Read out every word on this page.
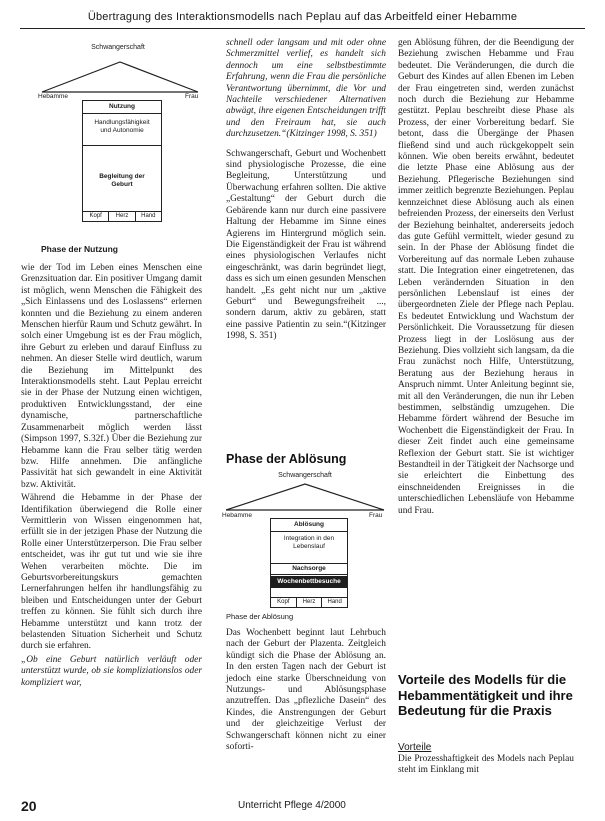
Übertragung des Interaktionsmodells nach Peplau auf das Arbeitfeld einer Hebamme
Schwangerschaft
Hebamme	Frau
Nutzung
Handlungsfähigkeit und Autonomie
Begleitung der Geburt
Kopf	Herz	Hand
Phase der Nutzung

wie der Tod im Leben eines Menschen eine Grenzsituation dar. Ein positiver Umgang damit ist möglich, wenn Menschen die Fähigkeit des „Sich Einlassens und des Loslassens“ erlernen konnten und die Beziehung zu einem anderen Menschen hierfür Raum und Schutz gewährt. In solch einer Umgebung ist es der Frau möglich, ihre Geburt zu erleben und darauf Einfluss zu nehmen. An dieser Stelle wird deutlich, warum die Beziehung im Mittelpunkt des Interaktionsmodells steht. Laut Peplau erreicht sie in der Phase der Nutzung einen wichtigen, produktiven Entwicklungsstand, der eine dynamische, partnerschaftliche Zusammenarbeit möglich werden lässt (Simpson 1997, S.32f.) Über die Beziehung zur Hebamme kann die Frau selber tätig werden bzw. Hilfe annehmen. Die anfängliche Passivität hat sich gewandelt in eine Aktivität bzw. Aktivität.

Während die Hebamme in der Phase der Identifikation überwiegend die Rolle einer Vermittlerin von Wissen eingenommen hat, erfüllt sie in der jetzigen Phase der Nutzung die Rolle einer Unterstützerperson. Die Frau selber entscheidet, was ihr gut tut und wie sie ihre Wehen verarbeiten möchte. Die im Geburtsvorbereitungskurs gemachten Lernerfahrungen helfen ihr handlungsfähig zu bleiben und Entscheidungen unter der Geburt treffen zu können. Sie fühlt sich durch ihre Hebamme unterstützt und kann trotz der belastenden Situation Sicherheit und Schutz durch sie erfahren.

„Ob eine Geburt natürlich verläuft oder unterstützt wurde, ob sie kompliziationslos oder kompliziert war,

schnell oder langsam und mit oder ohne Schmerzmittel verlief, es handelt sich dennoch um eine selbstbestimmte Erfahrung, wenn die Frau die persönliche Verantwortung übernimmt, die Vor und Nachteile verschiedener Alternativen abwägt, ihre eigenen Entscheidungen trifft und den Freiraum hat, sie auch durchzusetzen.“(Kitzinger 1998, S. 351)

Schwangerschaft, Geburt und Wochenbett sind physiologische Prozesse, die eine Begleitung, Unterstützung und Überwachung erfahren sollten. Die aktive „Gestaltung“ der Geburt durch die Gebärende kann nur durch eine passivere Haltung der Hebamme im Sinne eines Agierens im Hintergrund möglich sein. Die Eigenständigkeit der Frau ist während eines physiologischen Verlaufes nicht eingeschränkt, was darin begründet liegt, dass es sich um einen gesunden Menschen handelt. „Es geht nicht nur um „aktive Geburt“ und Bewegungsfreiheit ..., sondern darum, aktiv zu gebären, statt eine passive Patientin zu sein.“(Kitzinger 1998, S. 351)

Phase der Ablösung
Schwangerschaft
Hebamme	Frau
Ablösung
Integration in den Lebenslauf
Nachsorge
Wochenbettbesuche
Kopf	Herz	Hand
Phase der Ablösung

Das Wochenbett beginnt laut Lehrbuch nach der Geburt der Plazenta. Zeitgleich kündigt sich die Phase der Ablösung an. In den ersten Tagen nach der Geburt ist jedoch eine starke Überschneidung von Nutzungs- und Ablösungsphase anzutreffen. Das „pflezliche Dasein“ des Kindes, die Anstrengungen der Geburt und der gleichzeitige Verlust der Schwangerschaft können nicht zu einer soforti-

gen Ablösung führen, der die Beendigung der Beziehung zwischen Hebamme und Frau bedeutet. Die Veränderungen, die durch die Geburt des Kindes auf allen Ebenen im Leben der Frau eingetreten sind, werden zunächst noch durch die Beziehung zur Hebamme gestützt. Peplau beschreibt diese Phase als Prozess, der einer Vorbereitung bedarf. Sie betont, dass die Übergänge der Phasen fließend sind und auch rückgekoppelt sein können. Wie oben bereits erwähnt, bedeutet die letzte Phase eine Ablösung aus der Beziehung. Pflegerische Beziehungen sind immer zeitlich begrenzte Beziehungen. Peplau kennzeichnet diese Ablösung auch als einen befreienden Prozess, der einerseits den Verlust der Beziehung beinhaltet, andererseits jedoch das gute Gefühl vermittelt, wieder gesund zu sein. In der Phase der Ablösung findet die Vorbereitung auf das normale Leben zuhause statt. Die Integration einer eingetretenen, das Leben verändernden Situation in den persönlichen Lebenslauf ist eines der übergeordneten Ziele der Pflege nach Peplau. Es bedeutet Entwicklung und Wachstum der Persönlichkeit. Die Voraussetzung für diesen Prozess liegt in der Loslösung aus der Beziehung. Dies vollzieht sich langsam, da die Frau zunächst noch Hilfe, Unterstützung, Beratung aus der Beziehung heraus in Anspruch nimmt. Unter Anleitung beginnt sie, mit all den Veränderungen, die nun ihr Leben bestimmen, selbständig umzugehen. Die Hebamme fördert während der Besuche im Wochenbett die Eigenständigkeit der Frau. In dieser Zeit findet auch eine gemeinsame Reflexion der Geburt statt. Sie ist wichtiger Bestandteil in der Tätigkeit der Nachsorge und sie erleichtert die Einbettung des einschneidenden Ereignisses in die unterschiedlichen Lebensläufe von Hebamme und Frau.

Vorteile des Modells für die Hebammentätigkeit und ihre Bedeutung für die Praxis
Vorteile

Die Prozesshaftigkeit des Models nach Peplau steht im Einklang mit

20	Unterricht Pflege 4/2000
